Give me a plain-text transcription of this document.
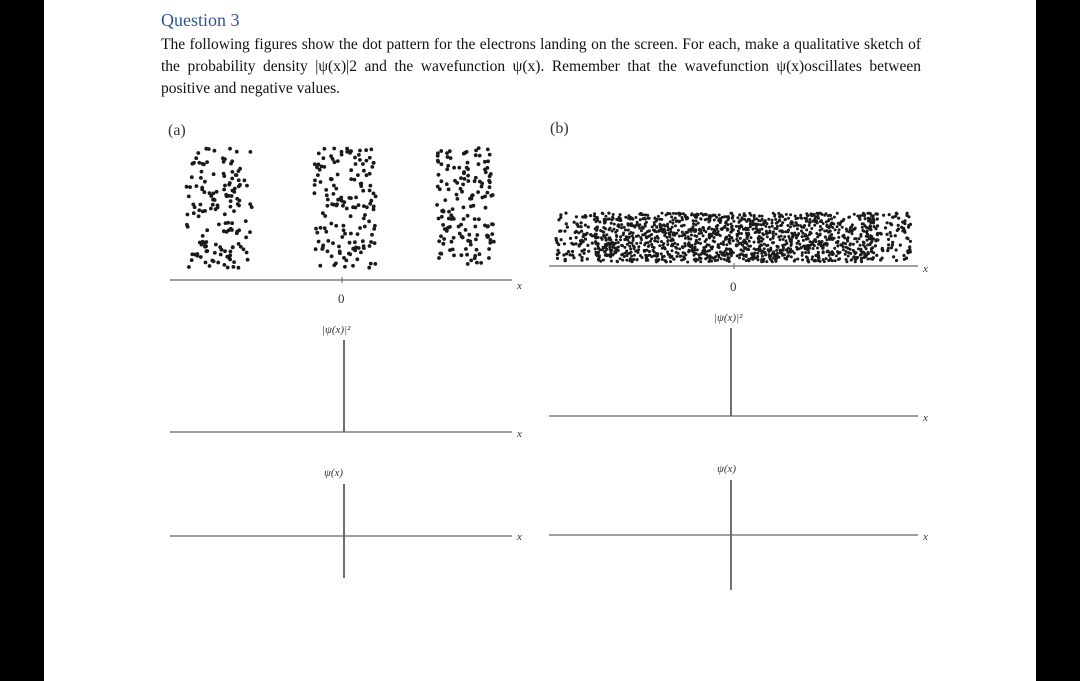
Question 3
The following figures show the dot pattern for the electrons landing on the screen. For each, make a qualitative sketch of the probability density |ψ(x)|2 and the wavefunction ψ(x). Remember that the wavefunction ψ(x)oscillates between positive and negative values.
(a)	(b)
x
0
|ψ(x)|²
x
ψ(x)
x
x
0
|ψ(x)|²
x
ψ(x)
x
